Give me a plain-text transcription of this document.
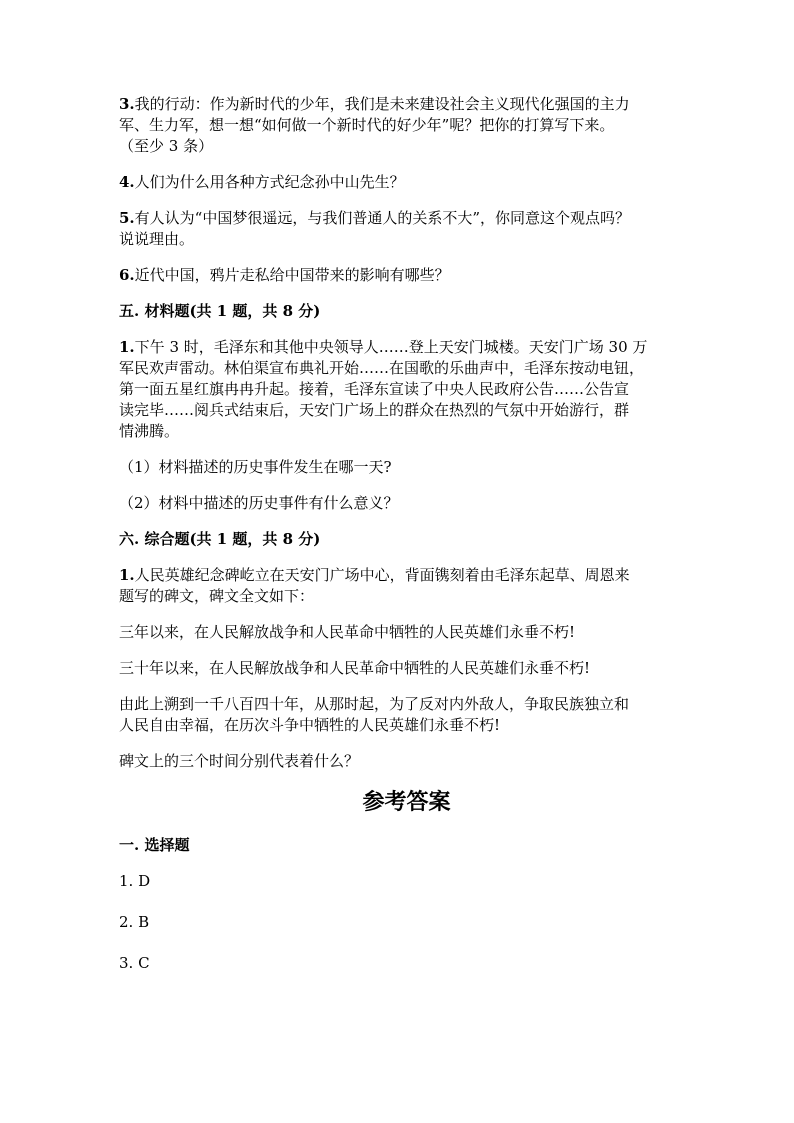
3.我的行动：作为新时代的少年，我们是未来建设社会主义现代化强国的主力

军、生力军，想一想“如何做一个新时代的好少年”呢？把你的打算写下来。

（至少 3 条）

4.人们为什么用各种方式纪念孙中山先生？

5.有人认为“中国梦很遥远，与我们普通人的关系不大”，你同意这个观点吗？

说说理由。

6.近代中国，鸦片走私给中国带来的影响有哪些？

五. 材料题(共 1 题，共 8 分)

1.下午 3 时，毛泽东和其他中央领导人……登上天安门城楼。天安门广场 30 万

军民欢声雷动。林伯渠宣布典礼开始……在国歌的乐曲声中，毛泽东按动电钮，

第一面五星红旗冉冉升起。接着，毛泽东宣读了中央人民政府公告……公告宣

读完毕……阅兵式结束后，天安门广场上的群众在热烈的气氛中开始游行，群

情沸腾。

（1）材料描述的历史事件发生在哪一天?

（2）材料中描述的历史事件有什么意义？

六. 综合题(共 1 题，共 8 分)

1.人民英雄纪念碑屹立在天安门广场中心，背面镌刻着由毛泽东起草、周恩来

题写的碑文，碑文全文如下：

三年以来，在人民解放战争和人民革命中牺牲的人民英雄们永垂不朽!

三十年以来，在人民解放战争和人民革命中牺牲的人民英雄们永垂不朽!

由此上溯到一千八百四十年，从那时起，为了反对内外敌人，争取民族独立和

人民自由幸福，在历次斗争中牺牲的人民英雄们永垂不朽!

碑文上的三个时间分别代表着什么？

参考答案

一. 选择题

1. D

2. B

3. C
